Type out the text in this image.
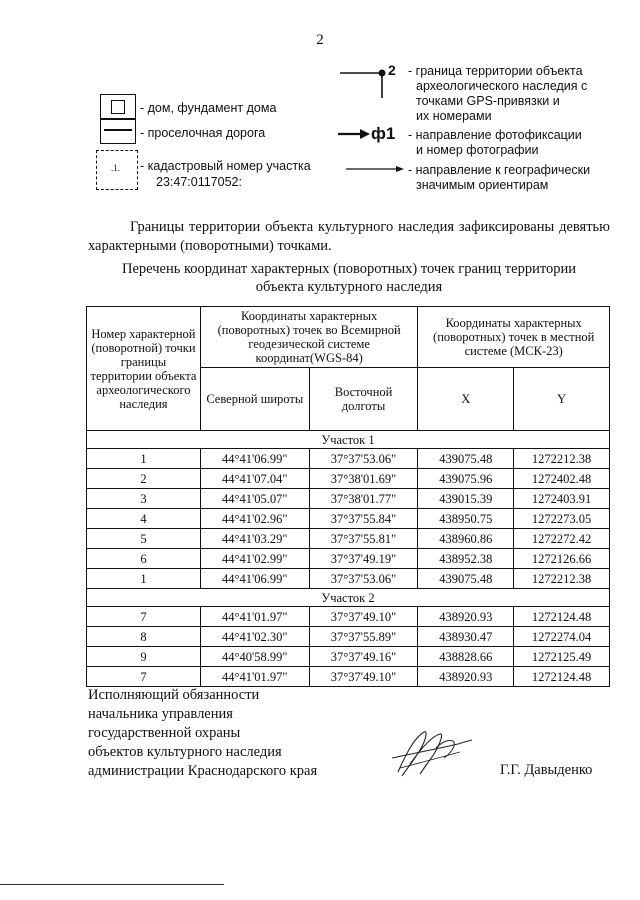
2
- дом, фундамент дома
- проселочная дорога
.1. - кадастровый номер участка
23:47:0117052:
2
ф1
- граница территории объекта
археологического наследия с
точками GPS-привязки и
их номерами
- направление фотофиксации
и номер фотографии
- направление к географически
значимым ориентирам
Границы территории объекта культурного наследия зафиксированы девятью характерными (поворотными) точками.
Перечень координат характерных (поворотных) точек границ территории
объекта культурного наследия
Номер характерной (поворотной) точки границы территории объекта археологического наследия	Координаты характерных (поворотных) точек во Всемирной геодезической системе координат(WGS-84)		Координаты характерных (поворотных) точек в местной системе (МСК-23)	
	Северной широты	Восточной долготы	X	Y
Участок 1				
1	44°41'06.99"	37°37'53.06"	439075.48	1272212.38
2	44°41'07.04"	37°38'01.69"	439075.96	1272402.48
3	44°41'05.07"	37°38'01.77"	439015.39	1272403.91
4	44°41'02.96"	37°37'55.84"	438950.75	1272273.05
5	44°41'03.29"	37°37'55.81"	438960.86	1272272.42
6	44°41'02.99"	37°37'49.19"	438952.38	1272126.66
1	44°41'06.99"	37°37'53.06"	439075.48	1272212.38
Участок 2				
7	44°41'01.97"	37°37'49.10"	438920.93	1272124.48
8	44°41'02.30"	37°37'55.89"	438930.47	1272274.04
9	44°40'58.99"	37°37'49.16"	438828.66	1272125.49
7	44°41'01.97"	37°37'49.10"	438920.93	1272124.48
Исполняющий обязанности
начальника управления
государственной охраны
объектов культурного наследия
администрации Краснодарского края	Г.Г. Давыденко
